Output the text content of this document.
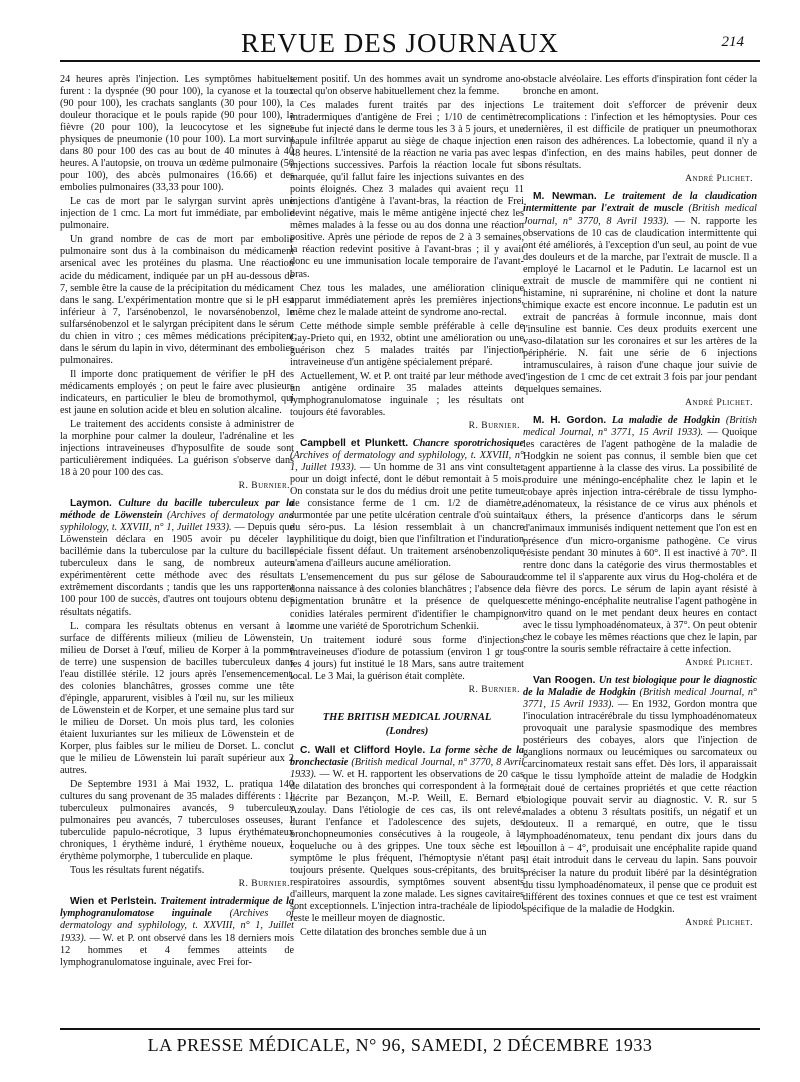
REVUE DES JOURNAUX	214

24 heures après l'injection. Les symptômes habituels furent : la dyspnée (90 pour 100), la cyanose et la toux (90 pour 100), les crachats sanglants (30 pour 100), la douleur thoracique et le pouls rapide (90 pour 100), la fièvre (20 pour 100), la leucocytose et les signes physiques de pneumonie (10 pour 100). La mort survint dans 80 pour 100 des cas au bout de 40 minutes à 40 heures. A l'autopsie, on trouva un œdème pulmonaire (50 pour 100), des abcès pulmonaires (16.66) et des embolies pulmonaires (33,33 pour 100).

Le cas de mort par le salyrgan survint après une injection de 1 cmc. La mort fut immédiate, par embolie pulmonaire.

Un grand nombre de cas de mort par embolie pulmonaire sont dus à la combinaison du médicament arsenical avec les protéines du plasma. Une réaction acide du médicament, indiquée par un pH au-dessous de 7, semble être la cause de la précipitation du médicament dans le sang. L'expérimentation montre que si le pH est inférieur à 7, l'arsénobenzol, le novarsénobenzol, le sulfarsénobenzol et le salyrgan précipitent dans le sérum du chien in vitro ; ces mêmes médications précipitent dans le sérum du lapin in vivo, déterminant des embolies pulmonaires.

Il importe donc pratiquement de vérifier le pH des médicaments employés ; on peut le faire avec plusieurs indicateurs, en particulier le bleu de bromothymol, qui est jaune en solution acide et bleu en solution alcaline.

Le traitement des accidents consiste à administrer de la morphine pour calmer la douleur, l'adrénaline et les injections intraveineuses d'hyposulfite de soude sont particulièrement indiquées. La guérison s'observe dans 18 à 20 pour 100 des cas.

R. Burnier.

Laymon. Culture du bacille tuberculeux par la méthode de Löwenstein (Archives of dermatology and syphilology, t. XXVIII, n° 1, Juillet 1933). — Depuis que Löwenstein déclara en 1905 avoir pu déceler la bacillémie dans la tuberculose par la culture du bacille tuberculeux dans le sang, de nombreux auteurs expérimentèrent cette méthode avec des résultats extrêmement discordants ; tandis que les uns rapportent 100 pour 100 de succès, d'autres ont toujours obtenu des résultats négatifs.

L. compara les résultats obtenus en versant à la surface de différents milieux (milieu de Löwenstein, milieu de Dorset à l'œuf, milieu de Korper à la pomme de terre) une suspension de bacilles tuberculeux dans l'eau distillée stérile. 12 jours après l'ensemencement, des colonies blanchâtres, grosses comme une tête d'épingle, apparurent, visibles à l'œil nu, sur les milieux de Löwenstein et de Korper, et une semaine plus tard sur le milieu de Dorset. Un mois plus tard, les colonies étaient luxuriantes sur les milieux de Löwenstein et de Korper, plus faibles sur le milieu de Dorset. L. conclut que le milieu de Löwenstein lui paraît supérieur aux 2 autres.

De Septembre 1931 à Mai 1932, L. pratiqua 140 cultures du sang provenant de 35 malades différents : 11 tuberculeux pulmonaires avancés, 9 tuberculeux pulmonaires peu avancés, 7 tuberculoses osseuses, 1 tuberculide papulo-nécrotique, 3 lupus érythémateux chroniques, 1 érythème induré, 1 érythème noueux, 1 érythème polymorphe, 1 tuberculide en plaque.

Tous les résultats furent négatifs.

R. Burnier.

Wien et Perlstein. Traitement intradermique de la lymphogranulomatose inguinale (Archives of dermatology and syphilology, t. XXVIII, n° 1, Juillet 1933). — W. et P. ont observé dans les 18 derniers mois 12 hommes et 4 femmes atteints de lymphogranulomatose inguinale, avec Frei for-

tement positif. Un des hommes avait un syndrome ano-rectal qu'on observe habituellement chez la femme.

Ces malades furent traités par des injections intradermiques d'antigène de Frei ; 1/10 de centimètre cube fut injecté dans le derme tous les 3 à 5 jours, et une papule infiltrée apparut au siège de chaque injection en 48 heures. L'intensité de la réaction ne varia pas avec les injections successives. Parfois la réaction locale fut si marquée, qu'il fallut faire les injections suivantes en des points éloignés. Chez 3 malades qui avaient reçu 11 injections d'antigène à l'avant-bras, la réaction de Frei devint négative, mais le même antigène injecté chez les mêmes malades à la fesse ou au dos donna une réaction positive. Après une période de repos de 2 à 3 semaines, la réaction redevint positive à l'avant-bras ; il y avait donc eu une immunisation locale temporaire de l'avant-bras.

Chez tous les malades, une amélioration clinique apparut immédiatement après les premières injections, même chez le malade atteint de syndrome ano-rectal.

Cette méthode simple semble préférable à celle de Gay-Prieto qui, en 1932, obtint une amélioration ou une guérison chez 5 malades traités par l'injection intraveineuse d'un antigène spécialement préparé.

Actuellement, W. et P. ont traité par leur méthode avec un antigène ordinaire 35 malades atteints de lymphogranulomatose inguinale ; les résultats ont toujours été favorables.

R. Burnier.

Campbell et Plunkett. Chancre sporotrichosique (Archives of dermatology and syphilology, t. XXVIII, n° 1, Juillet 1933). — Un homme de 31 ans vint consulter pour un doigt infecté, dont le début remontait à 5 mois. On constata sur le dos du médius droit une petite tumeur de consistance ferme de 1 cm. 1/2 de diamètre, surmontée par une petite ulcération centrale d'où suintait du séro-pus. La lésion ressemblait à un chancre syphilitique du doigt, bien que l'infiltration et l'induration spéciale fissent défaut. Un traitement arsénobenzolique n'amena d'ailleurs aucune amélioration.

L'ensemencement du pus sur gélose de Sabouraud donna naissance à des colonies blanchâtres ; l'absence de pigmentation brunâtre et la présence de quelques conidies latérales permirent d'identifier le champignon comme une variété de Sporotrichum Schenkii.

Un traitement ioduré sous forme d'injections intraveineuses d'iodure de potassium (environ 1 gr tous les 4 jours) fut institué le 18 Mars, sans autre traitement local. Le 3 Mai, la guérison était complète.

R. Burnier.
THE BRITISH MEDICAL JOURNAL
(Londres)

C. Wall et Clifford Hoyle. La forme sèche de la bronchectasie (British medical Journal, n° 3770, 8 Avril 1933). — W. et H. rapportent les observations de 20 cas de dilatation des bronches qui correspondent à la forme décrite par Bezançon, M.-P. Weill, E. Bernard et Azoulay. Dans l'étiologie de ces cas, ils ont relevé, durant l'enfance et l'adolescence des sujets, des bronchopneumonies consécutives à la rougeole, à la coqueluche ou à des grippes. Une toux sèche est le symptôme le plus fréquent, l'hémoptysie n'étant pas toujours présente. Quelques sous-crépitants, des bruits respiratoires assourdis, symptômes souvent absents d'ailleurs, marquent la zone malade. Les signes cavitaires sont exceptionnels. L'injection intra-trachéale de lipiodol reste le meilleur moyen de diagnostic.

Cette dilatation des bronches semble due à un

obstacle alvéolaire. Les efforts d'inspiration font céder la bronche en amont.

Le traitement doit s'efforcer de prévenir deux complications : l'infection et les hémoptysies. Pour ces dernières, il est difficile de pratiquer un pneumothorax en raison des adhérences. La lobectomie, quand il n'y a pas d'infection, en des mains habiles, peut donner de bons résultats.

André Plichet.

M. Newman. Le traitement de la claudication intermittente par l'extrait de muscle (British medical Journal, n° 3770, 8 Avril 1933). — N. rapporte les observations de 10 cas de claudication intermittente qui ont été améliorés, à l'exception d'un seul, au point de vue des douleurs et de la marche, par l'extrait de muscle. Il a employé le Lacarnol et le Padutin. Le lacarnol est un extrait de muscle de mammifère qui ne contient ni histamine, ni suprarénine, ni choline et dont la nature chimique exacte est encore inconnue. Le padutin est un extrait de pancréas à formule inconnue, mais dont l'insuline est bannie. Ces deux produits exercent une vaso-dilatation sur les coronaires et sur les artères de la périphérie. N. fait une série de 6 injections intramusculaires, à raison d'une chaque jour suivie de l'ingestion de 1 cmc de cet extrait 3 fois par jour pendant quelques semaines.

André Plichet.

M. H. Gordon. La maladie de Hodgkin (British medical Journal, n° 3771, 15 Avril 1933). — Quoique les caractères de l'agent pathogène de la maladie de Hodgkin ne soient pas connus, il semble bien que cet agent appartienne à la classe des virus. La possibilité de produire une méningo-encéphalite chez le lapin et le cobaye après injection intra-cérébrale de tissu lympho-adénomateux, la résistance de ce virus aux phénols et aux éthers, la présence d'anticorps dans le sérum d'animaux immunisés indiquent nettement que l'on est en présence d'un micro-organisme pathogène. Ce virus résiste pendant 30 minutes à 60°. Il est inactivé à 70°. Il rentre donc dans la catégorie des virus thermostables et comme tel il s'apparente aux virus du Hog-choléra et de la fièvre des porcs. Le sérum de lapin ayant résisté à cette méningo-encéphalite neutralise l'agent pathogène in vitro quand on le met pendant deux heures en contact avec le tissu lymphoadénomateux, à 37°. On peut obtenir chez le cobaye les mêmes réactions que chez le lapin, par contre la souris semble réfractaire à cette infection.

André Plichet.

Van Roogen. Un test biologique pour le diagnostic de la Maladie de Hodgkin (British medical Journal, n° 3771, 15 Avril 1933). — En 1932, Gordon montra que l'inoculation intracérébrale du tissu lymphoadénomateux provoquait une paralysie spasmodique des membres postérieurs des cobayes, alors que l'injection de ganglions normaux ou leucémiques ou sarcomateux ou carcinomateux restait sans effet. Dès lors, il apparaissait que le tissu lymphoïde atteint de maladie de Hodgkin était doué de certaines propriétés et que cette réaction biologique pouvait servir au diagnostic. V. R. sur 5 malades a obtenu 3 résultats positifs, un négatif et un douteux. Il a remarqué, en outre, que le tissu lymphoadénomateux, tenu pendant dix jours dans du bouillon à − 4°, produisait une encéphalite rapide quand il était introduit dans le cerveau du lapin. Sans pouvoir préciser la nature du produit libéré par la désintégration du tissu lymphoadénomateux, il pense que ce produit est différent des toxines connues et que ce test est vraiment spécifique de la maladie de Hodgkin.

André Plichet.
LA PRESSE MÉDICALE, N° 96, SAMEDI, 2 DÉCEMBRE 1933
